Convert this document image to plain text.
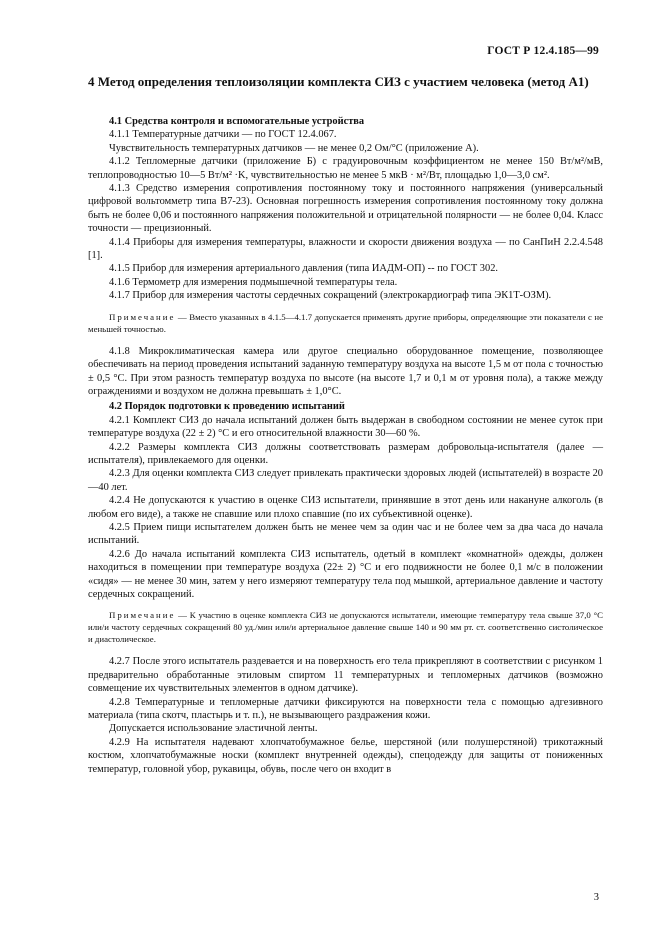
ГОСТ Р 12.4.185—99
4 Метод определения теплоизоляции комплекта СИЗ с участием человека (метод А1)

4.1 Средства контроля и вспомогательные устройства

4.1.1 Температурные датчики — по ГОСТ 12.4.067.

Чувствительность температурных датчиков — не менее 0,2 Ом/°С (приложение А).

4.1.2 Тепломерные датчики (приложение Б) с градуировочным коэффициентом не менее 150 Вт/м²/мВ, теплопроводностью 10—5 Вт/м² ·K, чувствительностью не менее 5 мкВ · м²/Вт, площадью 1,0—3,0 см².

4.1.3 Средство измерения сопротивления постоянному току и постоянного напряжения (универсальный цифровой вольтомметр типа В7-23). Основная погрешность измерения сопротивления постоянному току должна быть не более 0,06 и постоянного напряжения положительной и отрицательной полярности — не более 0,04. Класс точности — прецизионный.

4.1.4 Приборы для измерения температуры, влажности и скорости движения воздуха — по СанПиН 2.2.4.548 [1].

4.1.5 Прибор для измерения артериального давления (типа ИАДМ-ОП) -- по ГОСТ 302.

4.1.6 Термометр для измерения подмышечной температуры тела.

4.1.7 Прибор для измерения частоты сердечных сокращений (электрокардиограф типа ЭК1Т-ОЗМ).

Примечание — Вместо указанных в 4.1.5—4.1.7 допускается применять другие приборы, определяющие эти показатели с не меньшей точностью.

4.1.8 Микроклиматическая камера или другое специально оборудованное помещение, позволяющее обеспечивать на период проведения испытаний заданную температуру воздуха на высоте 1,5 м от пола с точностью ± 0,5 °С. При этом разность температур воздуха по высоте (на высоте 1,7 и 0,1 м от уровня пола), а также между ограждениями и воздухом не должна превышать ± 1,0°С.

4.2 Порядок подготовки к проведению испытаний

4.2.1 Комплект СИЗ до начала испытаний должен быть выдержан в свободном состоянии не менее суток при температуре воздуха (22 ± 2) °С и его относительной влажности 30—60 %.

4.2.2 Размеры комплекта СИЗ должны соответствовать размерам добровольца-испытателя (далее — испытателя), привлекаемого для оценки.

4.2.3 Для оценки комплекта СИЗ следует привлекать практически здоровых людей (испытателей) в возрасте 20—40 лет.

4.2.4 Не допускаются к участию в оценке СИЗ испытатели, принявшие в этот день или накануне алкоголь (в любом его виде), а также не спавшие или плохо спавшие (по их субъективной оценке).

4.2.5 Прием пищи испытателем должен быть не менее чем за один час и не более чем за два часа до начала испытаний.

4.2.6 До начала испытаний комплекта СИЗ испытатель, одетый в комплект «комнатной» одежды, должен находиться в помещении при температуре воздуха (22± 2) °С и его подвижности не более 0,1 м/с в положении «сидя» — не менее 30 мин, затем у него измеряют температуру тела под мышкой, артериальное давление и частоту сердечных сокращений.

Примечание — К участию в оценке комплекта СИЗ не допускаются испытатели, имеющие температуру тела свыше 37,0 °С или/и частоту сердечных сокращений 80 уд./мин или/и артериальное давление свыше 140 и 90 мм рт. ст. соответственно систолическое и диастолическое.

4.2.7 После этого испытатель раздевается и на поверхность его тела прикрепляют в соответствии с рисунком 1 предварительно обработанные этиловым спиртом 11 температурных и тепломерных датчиков (возможно совмещение их чувствительных элементов в одном датчике).

4.2.8 Температурные и тепломерные датчики фиксируются на поверхности тела с помощью адгезивного материала (типа скотч, пластырь и т. п.), не вызывающего раздражения кожи.

Допускается использование эластичной ленты.

4.2.9 На испытателя надевают хлопчатобумажное белье, шерстяной (или полушерстяной) трикотажный костюм, хлопчатобумажные носки (комплект внутренней одежды), спецодежду для защиты от пониженных температур, головной убор, рукавицы, обувь, после чего он входит в

3
